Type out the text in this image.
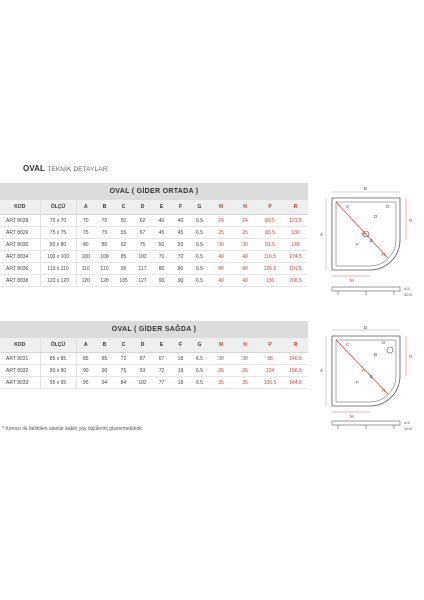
OVAL TEKNİK DETAYLAR
OVAL ( GİDER ORTADA )
KOD	ÖLÇÜ	A	B	C	D	E	F	G	M	N	P	R
ART 8028	70 x 70	70	70	50	62	40	40	6.5	24	24	80.5	121.5
ART 8029	75 x 75	75	75	55	67	45	45	6.5	25	25	83.5	130
ART 8030	80 x 80	80	80	62	75	50	50	6.5	30	30	91.5	140
ART 8034	100 x 100	100	100	85	102	70	70	6.5	40	40	116.5	174.5
ART 8036	110 x 110	110	110	95	117	80	80	6.5	40	40	126.5	191.5
ART 8038	120 x 120	120	120	105	127	90	90	6.5	40	40	136	206.5
OVAL ( GİDER SAĞDA )
KOD	ÖLÇÜ	A	B	C	D	E	F	G	M	N	P	R
ART 8031	85 x 85	85	85	72	87	67	18	6.5	30	30	98	146.5
ART 8032	90 x 90	90	90	75	93	72	18	6.5	35	35	104	156.5
ART 8033	95 x 95	95	94	84	102	77	18	6.5	35	35	106.5	164.5
* Kırmızı ile belirtilen alanlar kabin yay ölçülerini göstermektedir.
B
A
C
D
E
F
G
M
N
P
R
4.5
10.5
B
A
C
D
E
F
G
M
N
P
R
4.5
10.5
